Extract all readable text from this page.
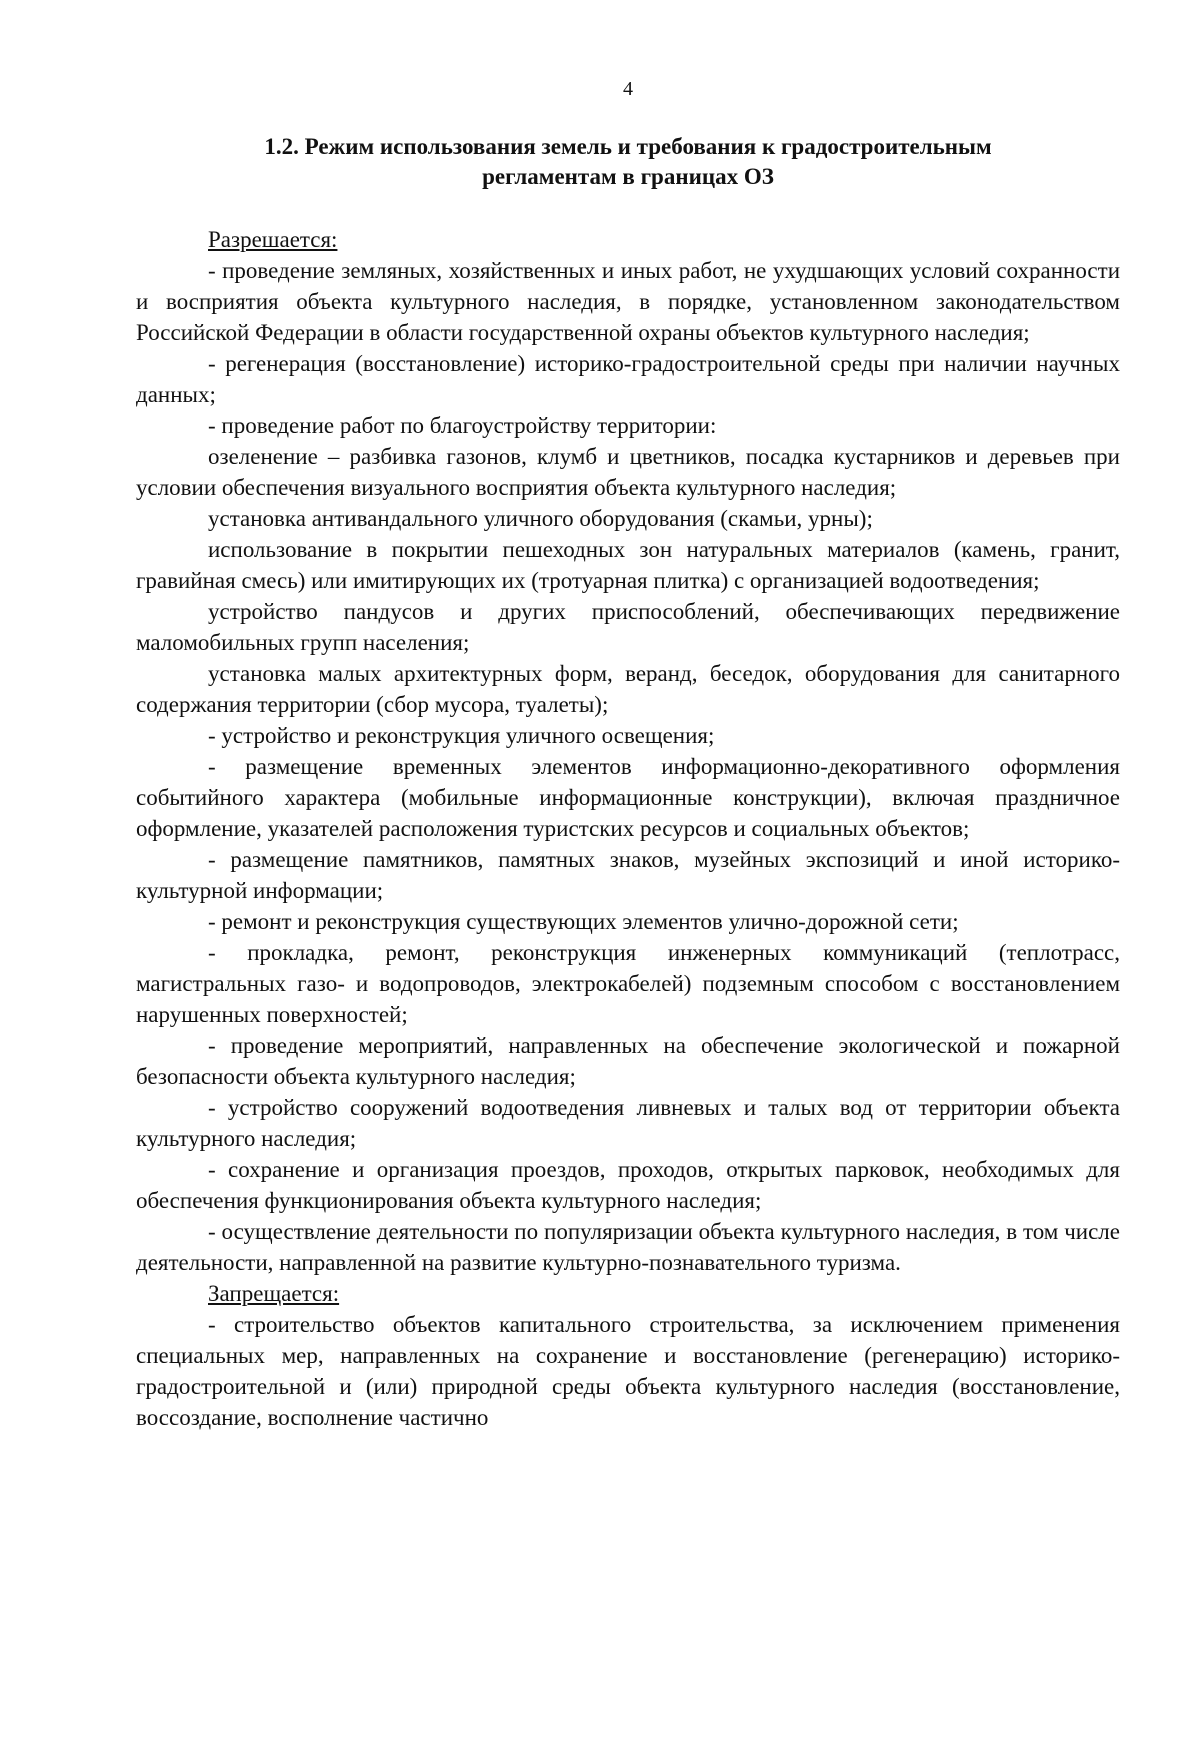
4
1.2. Режим использования земель и требования к градостроительным
регламентам в границах ОЗ

Разрешается:

- проведение земляных, хозяйственных и иных работ, не ухудшающих условий сохранности и восприятия объекта культурного наследия, в порядке, установленном законодательством Российской Федерации в области государственной охраны объектов культурного наследия;

- регенерация (восстановление) историко-градостроительной среды при наличии научных данных;

- проведение работ по благоустройству территории:

озеленение – разбивка газонов, клумб и цветников, посадка кустарников и деревьев при условии обеспечения визуального восприятия объекта культурного наследия;

установка антивандального уличного оборудования (скамьи, урны);

использование в покрытии пешеходных зон натуральных материалов (камень, гранит, гравийная смесь) или имитирующих их (тротуарная плитка) с организацией водоотведения;

устройство пандусов и других приспособлений, обеспечивающих передвижение маломобильных групп населения;

установка малых архитектурных форм, веранд, беседок, оборудования для санитарного содержания территории (сбор мусора, туалеты);

- устройство и реконструкция уличного освещения;

- размещение временных элементов информационно-декоративного оформления событийного характера (мобильные информационные конструкции), включая праздничное оформление, указателей расположения туристских ресурсов и социальных объектов;

- размещение памятников, памятных знаков, музейных экспозиций и иной историко-культурной информации;

- ремонт и реконструкция существующих элементов улично-дорожной сети;

- прокладка, ремонт, реконструкция инженерных коммуникаций (теплотрасс, магистральных газо- и водопроводов, электрокабелей) подземным способом с восстановлением нарушенных поверхностей;

- проведение мероприятий, направленных на обеспечение экологической и пожарной безопасности объекта культурного наследия;

- устройство сооружений водоотведения ливневых и талых вод от территории объекта культурного наследия;

- сохранение и организация проездов, проходов, открытых парковок, необходимых для обеспечения функционирования объекта культурного наследия;

- осуществление деятельности по популяризации объекта культурного наследия, в том числе деятельности, направленной на развитие культурно-познавательного туризма.

Запрещается:

- строительство объектов капитального строительства, за исключением применения специальных мер, направленных на сохранение и восстановление (регенерацию) историко-градостроительной и (или) природной среды объекта культурного наследия (восстановление, воссоздание, восполнение частично
